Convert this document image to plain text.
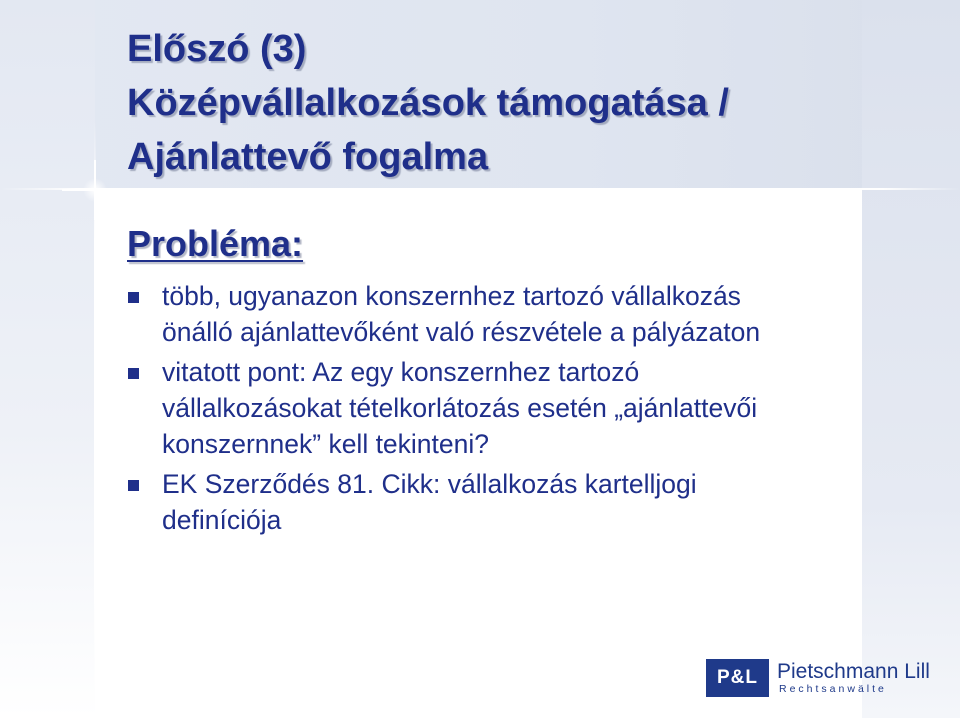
Előszó (3)
Középvállalkozások támogatása /
Ajánlattevő fogalma
Probléma:
több, ugyanazon konszernhez tartozó vállalkozás
önálló ajánlattevőként való részvétele a pályázaton
vitatott pont: Az egy konszernhez tartozó
vállalkozásokat tételkorlátozás esetén „ajánlattevői
konszernnek” kell tekinteni?
EK Szerződés 81. Cikk: vállalkozás kartelljogi
definíciója
P&L Pietschmann Lill
Rechtsanwälte
